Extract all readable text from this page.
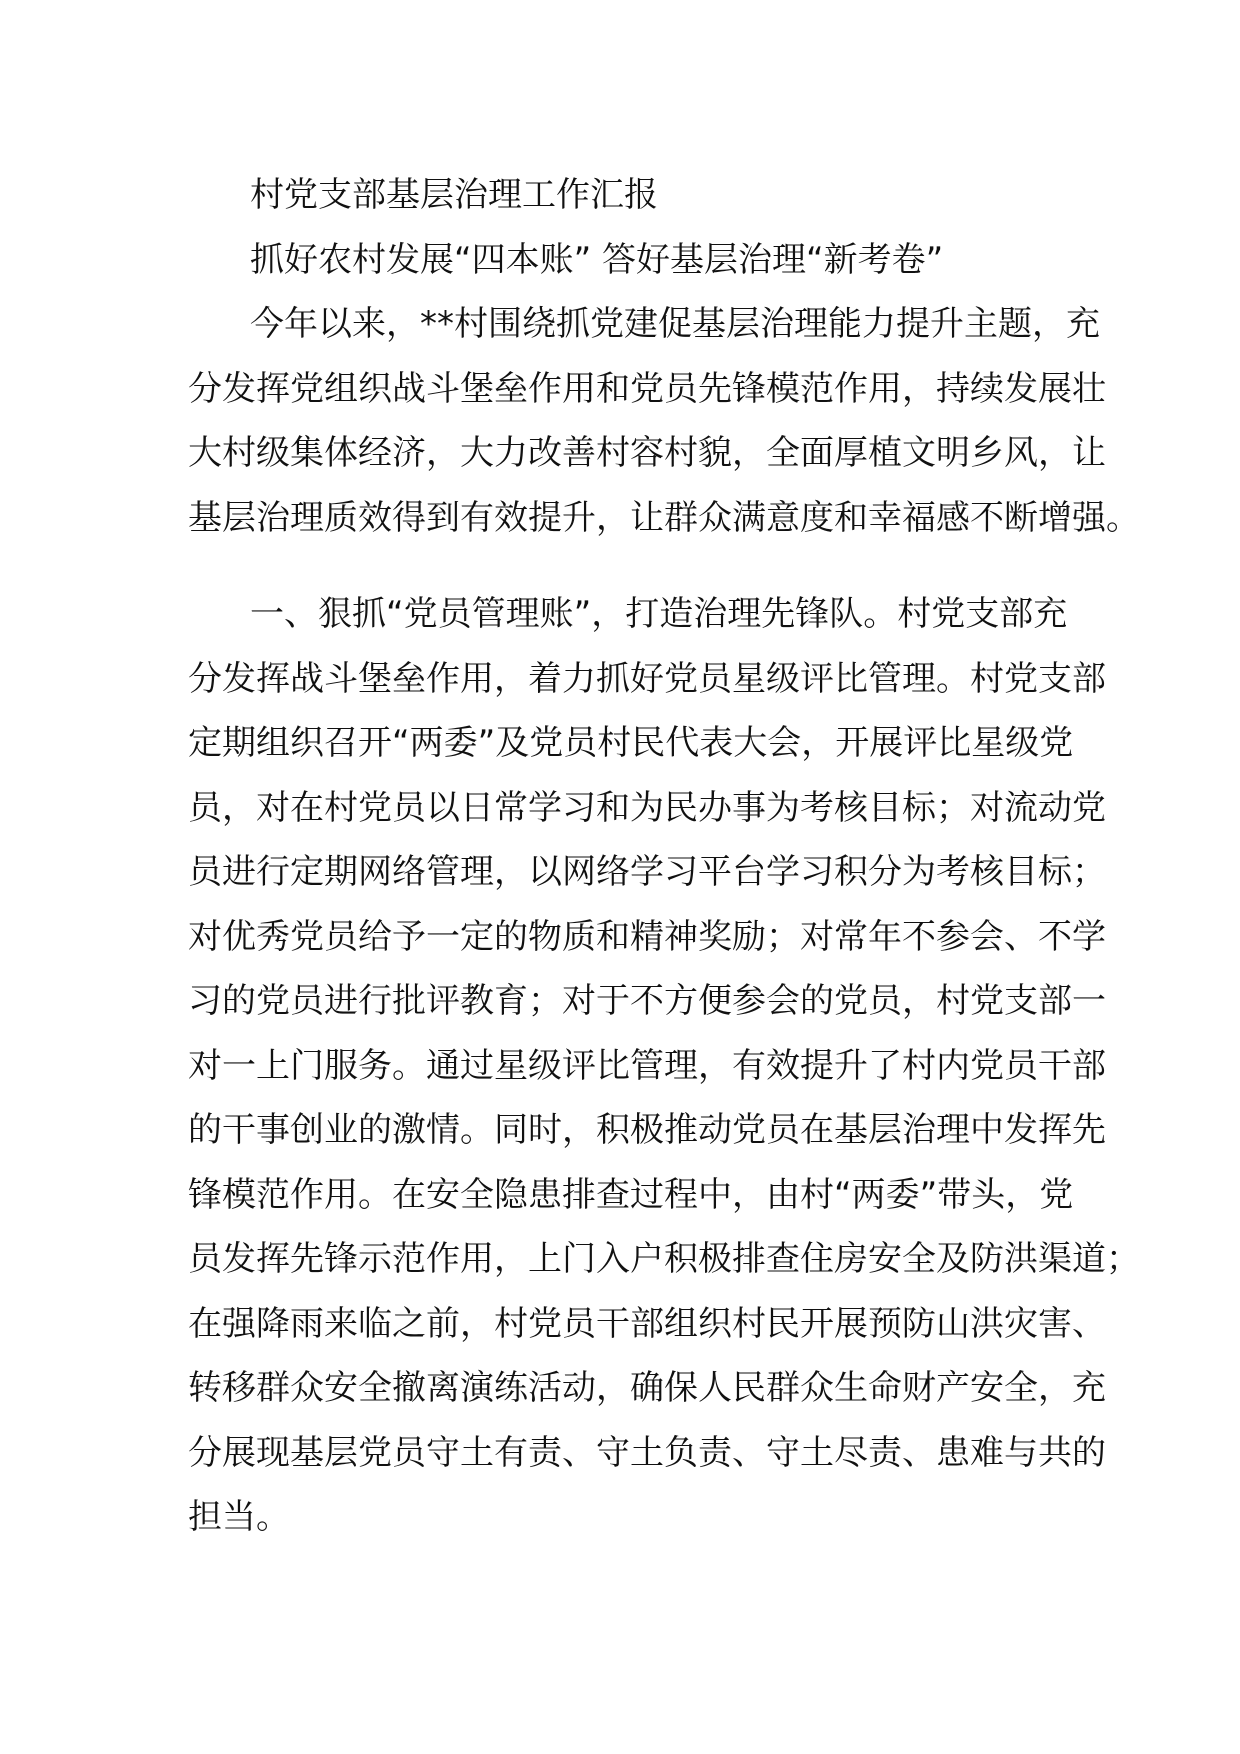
村党支部基层治理工作汇报
抓好农村发展“四本账” 答好基层治理“新考卷”
今年以来，**村围绕抓党建促基层治理能力提升主题，充
分发挥党组织战斗堡垒作用和党员先锋模范作用，持续发展壮
大村级集体经济，大力改善村容村貌，全面厚植文明乡风，让
基层治理质效得到有效提升，让群众满意度和幸福感不断增强。
一、狠抓“党员管理账”，打造治理先锋队。村党支部充
分发挥战斗堡垒作用，着力抓好党员星级评比管理。村党支部
定期组织召开“两委”及党员村民代表大会，开展评比星级党
员，对在村党员以日常学习和为民办事为考核目标；对流动党
员进行定期网络管理，以网络学习平台学习积分为考核目标；
对优秀党员给予一定的物质和精神奖励；对常年不参会、不学
习的党员进行批评教育；对于不方便参会的党员，村党支部一
对一上门服务。通过星级评比管理，有效提升了村内党员干部
的干事创业的激情。同时，积极推动党员在基层治理中发挥先
锋模范作用。在安全隐患排查过程中，由村“两委”带头，党
员发挥先锋示范作用，上门入户积极排查住房安全及防洪渠道；
在强降雨来临之前，村党员干部组织村民开展预防山洪灾害、
转移群众安全撤离演练活动，确保人民群众生命财产安全，充
分展现基层党员守土有责、守土负责、守土尽责、患难与共的
担当。
